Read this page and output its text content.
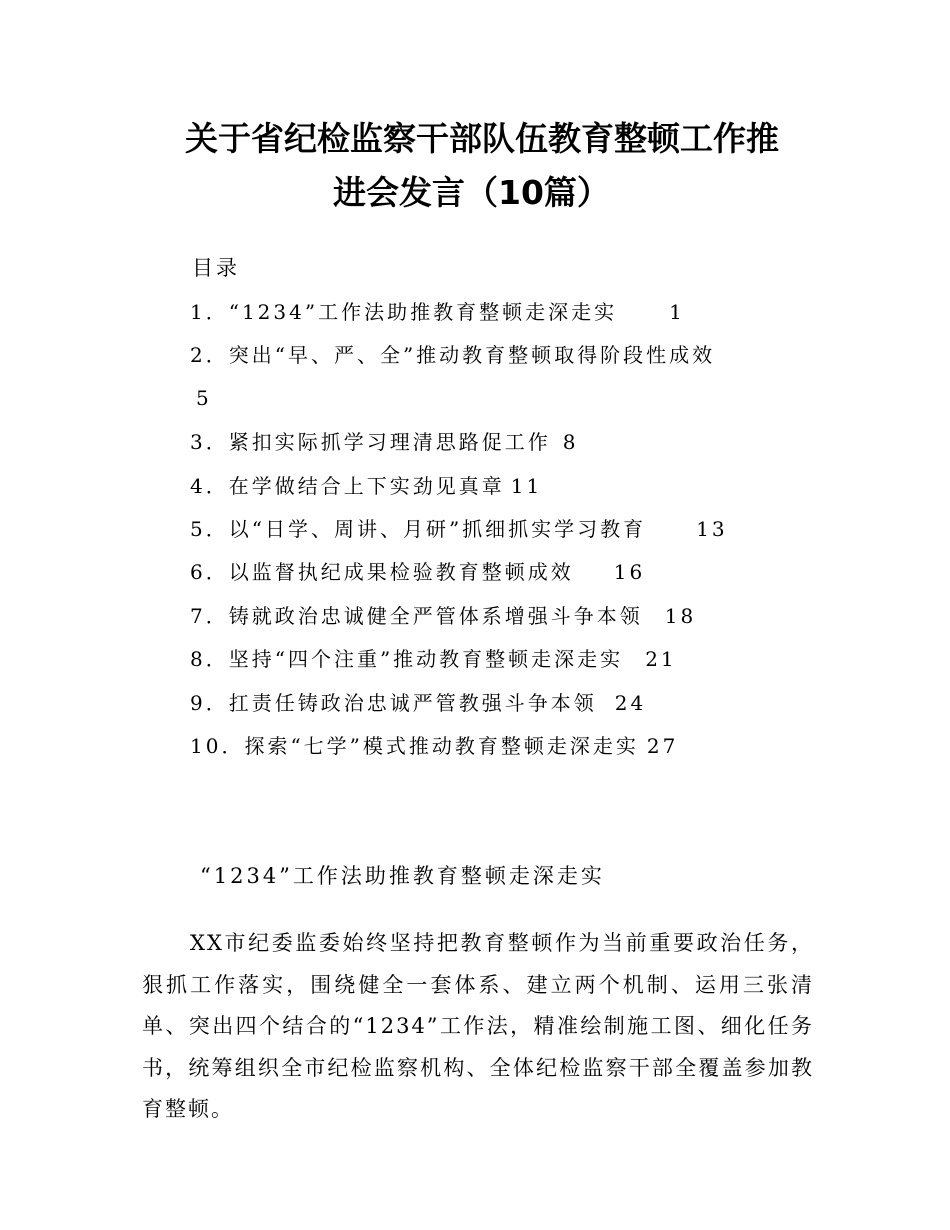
关于省纪检监察干部队伍教育整顿工作推
进会发言（10篇）
目录
1．“1234”工作法助推教育整顿走深走实	1
2．突出“早、严、全”推动教育整顿取得阶段性成效
5
3．紧扣实际抓学习理清思路促工作 8
4．在学做结合上下实劲见真章 11
5．以“日学、周讲、月研”抓细抓实学习教育	13
6．以监督执纪成果检验教育整顿成效 16
7．铸就政治忠诚健全严管体系增强斗争本领 18
8．坚持“四个注重”推动教育整顿走深走实 21
9．扛责任铸政治忠诚严管教强斗争本领 24
10．探索“七学”模式推动教育整顿走深走实 27
“1234”工作法助推教育整顿走深走实

XX市纪委监委始终坚持把教育整顿作为当前重要政治任务，狠抓工作落实，围绕健全一套体系、建立两个机制、运用三张清单、突出四个结合的“1234”工作法，精准绘制施工图、细化任务书，统筹组织全市纪检监察机构、全体纪检监察干部全覆盖参加教育整顿。
